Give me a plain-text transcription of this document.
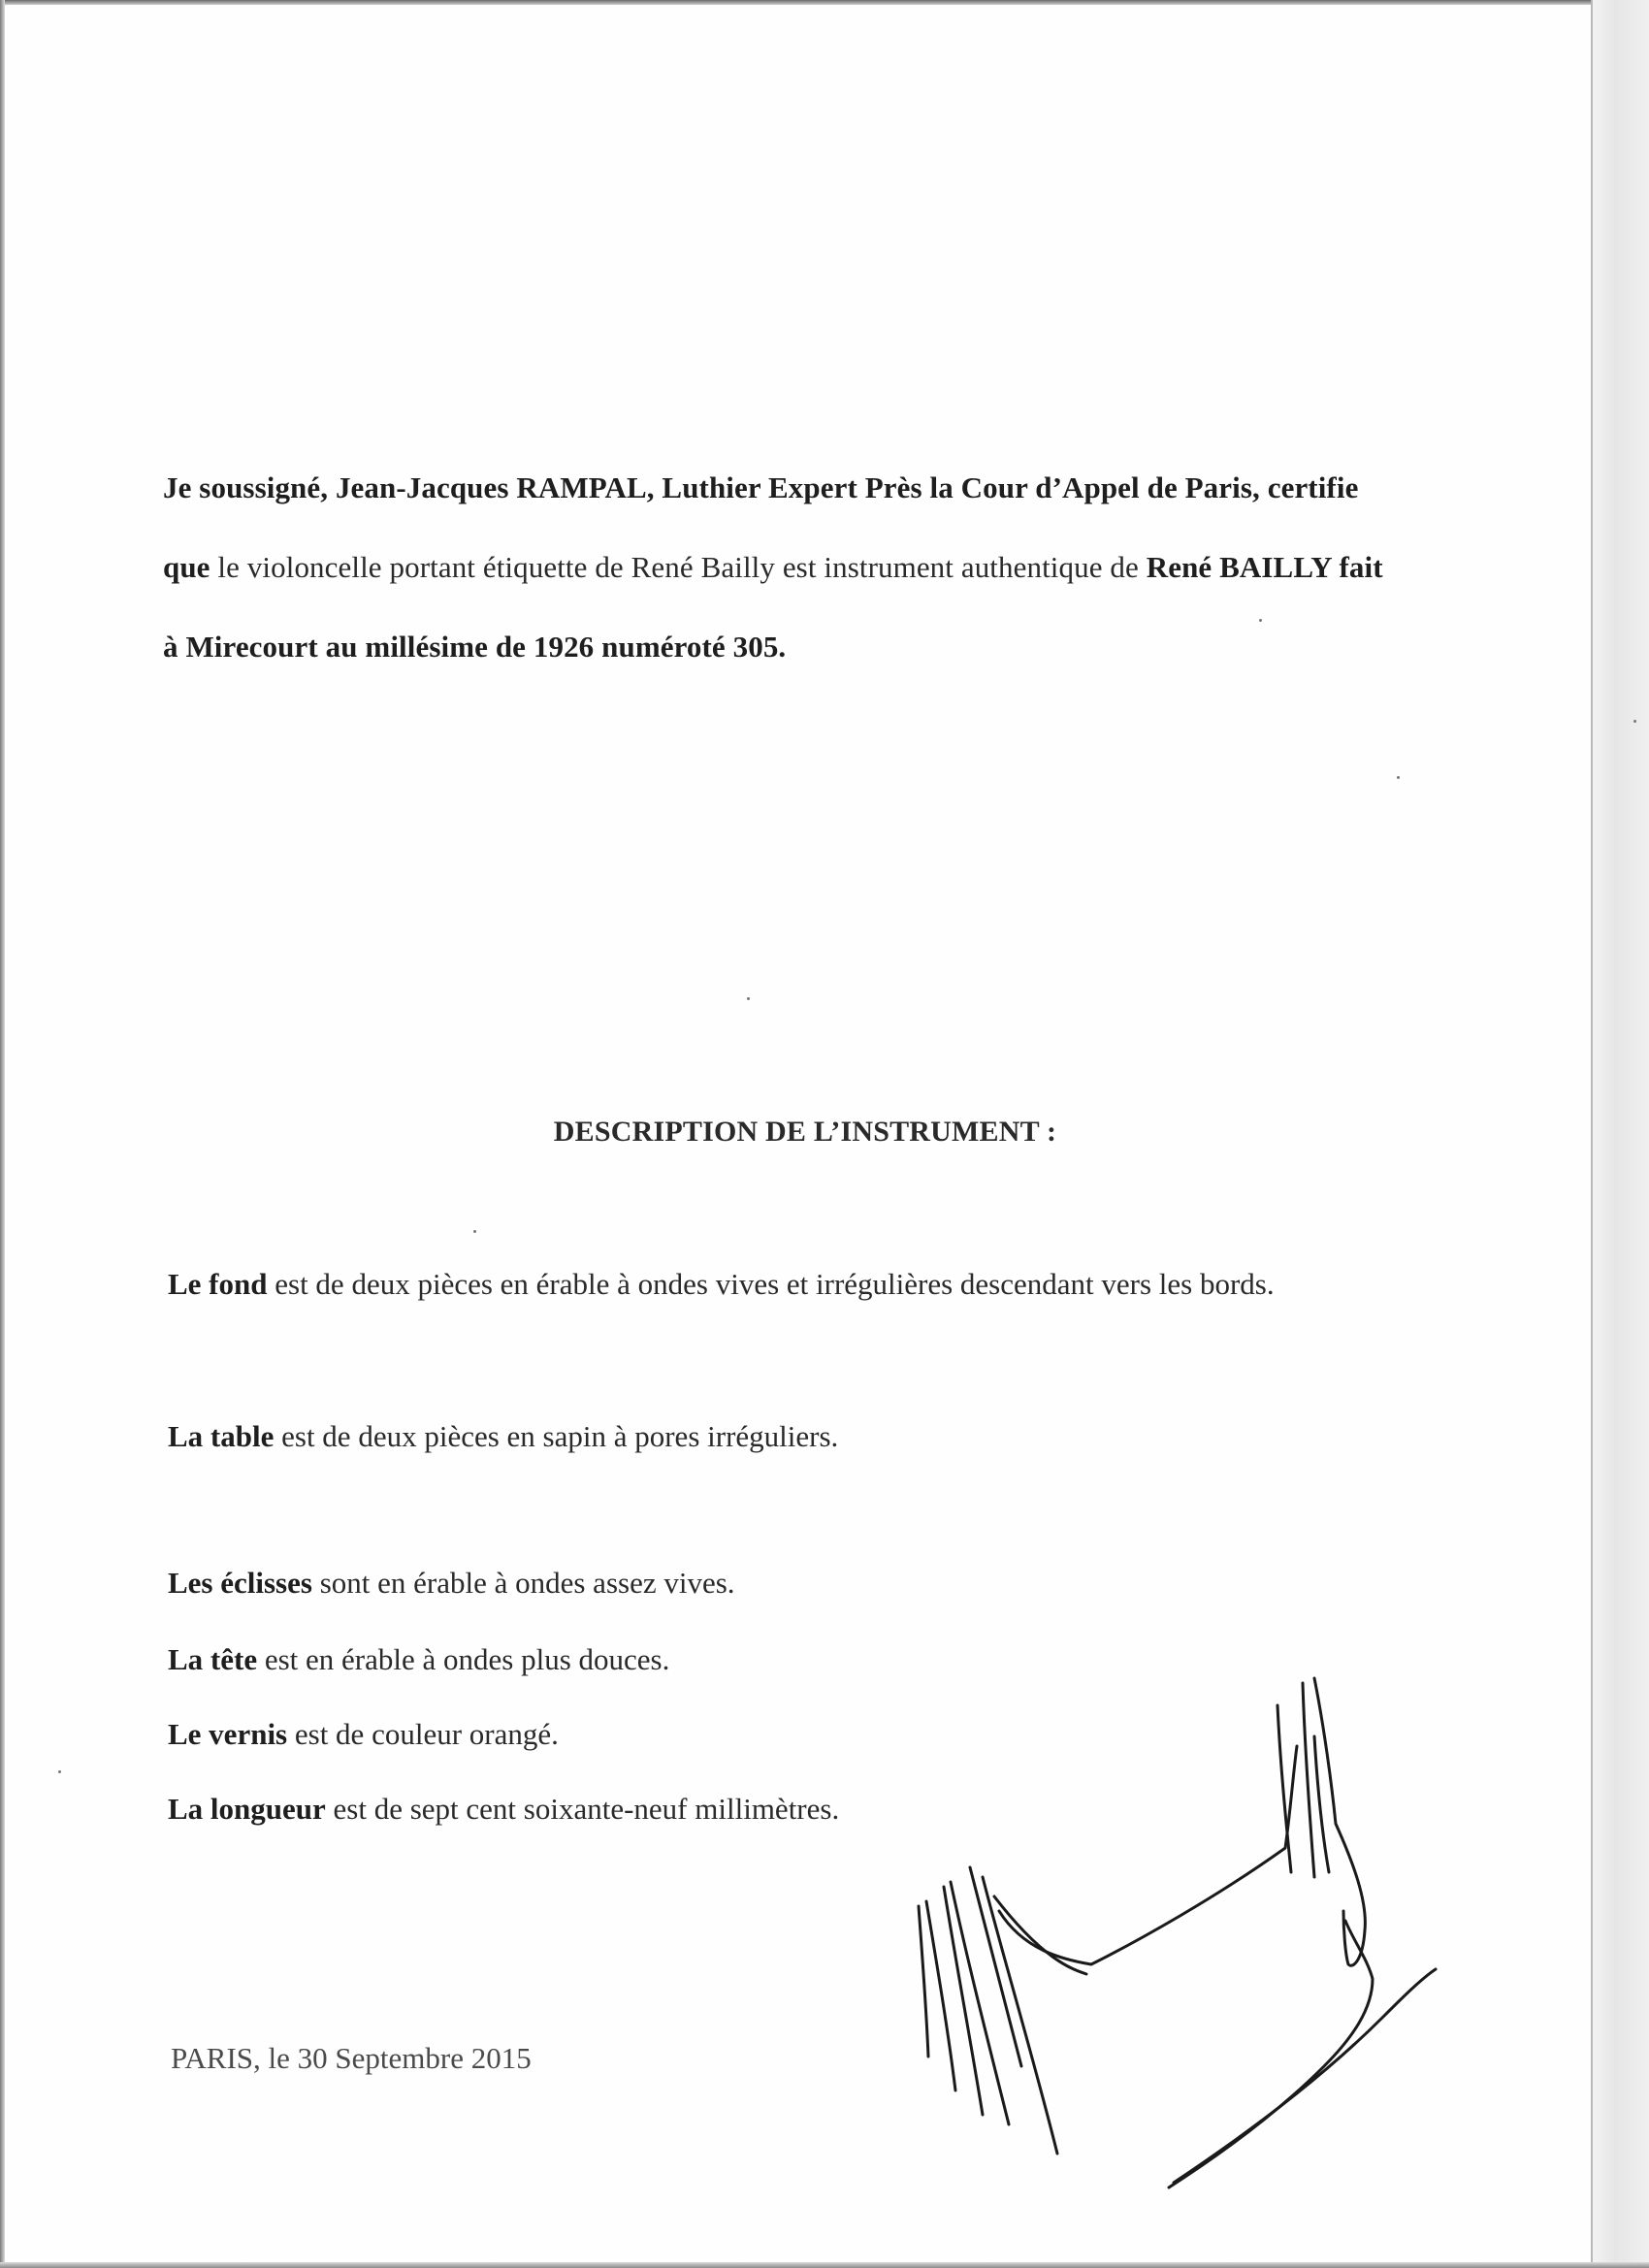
Je soussigné, Jean-Jacques RAMPAL, Luthier Expert Près la Cour d’Appel de Paris, certifie

que le violoncelle portant étiquette de René Bailly est instrument authentique de René BAILLY fait

à Mirecourt au millésime de 1926 numéroté 305.

DESCRIPTION DE L’INSTRUMENT :
Le fond est de deux pièces en érable à ondes vives et irrégulières descendant vers les bords.
La table est de deux pièces en sapin à pores irréguliers.
Les éclisses sont en érable à ondes assez vives.
La tête est en érable à ondes plus douces.
Le vernis est de couleur orangé.
La longueur est de sept cent soixante-neuf millimètres.
PARIS, le 30 Septembre 2015
